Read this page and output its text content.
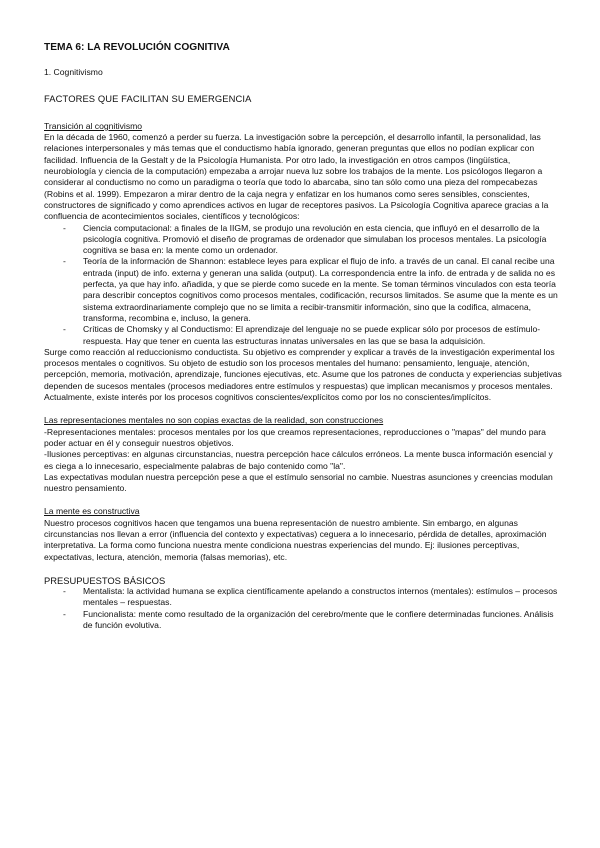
TEMA 6: LA REVOLUCIÓN COGNITIVA
1. Cognitivismo
FACTORES QUE FACILITAN SU EMERGENCIA
Transición al cognitivismo

En la década de 1960, comenzó a perder su fuerza. La investigación sobre la percepción, el desarrollo infantil, la personalidad, las relaciones interpersonales y más temas que el conductismo había ignorado, generan preguntas que ellos no podían explicar con facilidad. Influencia de la Gestalt y de la Psicología Humanista. Por otro lado, la investigación en otros campos (lingüística, neurobiología y ciencia de la computación) empezaba a arrojar nueva luz sobre los trabajos de la mente. Los psicólogos llegaron a considerar al conductismo no como un paradigma o teoría que todo lo abarcaba, sino tan sólo como una pieza del rompecabezas (Robins et al. 1999). Empezaron a mirar dentro de la caja negra y enfatizar en los humanos como seres sensibles, conscientes, constructores de significado y como aprendices activos en lugar de receptores pasivos. La Psicología Cognitiva aparece gracias a la confluencia de acontecimientos sociales, científicos y tecnológicos:

- Ciencia computacional: a finales de la IIGM, se produjo una revolución en esta ciencia, que influyó en el desarrollo de la psicología cognitiva. Promovió el diseño de programas de ordenador que simulaban los procesos mentales. La psicología cognitiva se basa en: la mente como un ordenador.
- Teoría de la información de Shannon: establece leyes para explicar el flujo de info. a través de un canal. El canal recibe una entrada (input) de info. externa y generan una salida (output). La correspondencia entre la info. de entrada y de salida no es perfecta, ya que hay info. añadida, y que se pierde como sucede en la mente. Se toman términos vinculados con esta teoría para describir conceptos cognitivos como procesos mentales, codificación, recursos limitados. Se asume que la mente es un sistema extraordinariamente complejo que no se limita a recibir-transmitir información, sino que la codifica, almacena, transforma, recombina e, incluso, la genera.
- Críticas de Chomsky y al Conductismo: El aprendizaje del lenguaje no se puede explicar sólo por procesos de estímulo-respuesta. Hay que tener en cuenta las estructuras innatas universales en las que se basa la adquisición.

Surge como reacción al reduccionismo conductista. Su objetivo es comprender y explicar a través de la investigación experimental los procesos mentales o cognitivos. Su objeto de estudio son los procesos mentales del humano: pensamiento, lenguaje, atención, percepción, memoria, motivación, aprendizaje, funciones ejecutivas, etc. Asume que los patrones de conducta y experiencias subjetivas dependen de sucesos mentales (procesos mediadores entre estímulos y respuestas) que implican mecanismos y procesos mentales. Actualmente, existe interés por los procesos cognitivos conscientes/explícitos como por los no conscientes/implícitos.

Las representaciones mentales no son copias exactas de la realidad, son construcciones

-Representaciones mentales: procesos mentales por los que creamos representaciones, reproducciones o "mapas" del mundo para poder actuar en él y conseguir nuestros objetivos.

-Ilusiones perceptivas: en algunas circunstancias, nuestra percepción hace cálculos erróneos. La mente busca información esencial y es ciega a lo innecesario, especialmente palabras de bajo contenido como "la".

Las expectativas modulan nuestra percepción pese a que el estímulo sensorial no cambie. Nuestras asunciones y creencias modulan nuestro pensamiento.

La mente es constructiva

Nuestro procesos cognitivos hacen que tengamos una buena representación de nuestro ambiente. Sin embargo, en algunas circunstancias nos llevan a error (influencia del contexto y expectativas) ceguera a lo innecesario, pérdida de detalles, aproximación interpretativa. La forma como funciona nuestra mente condiciona nuestras experiencias del mundo. Ej: ilusiones perceptivas, expectativas, lectura, atención, memoria (falsas memorias), etc.

PRESUPUESTOS BÁSICOS
- Mentalista: la actividad humana se explica científicamente apelando a constructos internos (mentales): estímulos – procesos mentales – respuestas.
- Funcionalista: mente como resultado de la organización del cerebro/mente que le confiere determinadas funciones. Análisis de función evolutiva.
